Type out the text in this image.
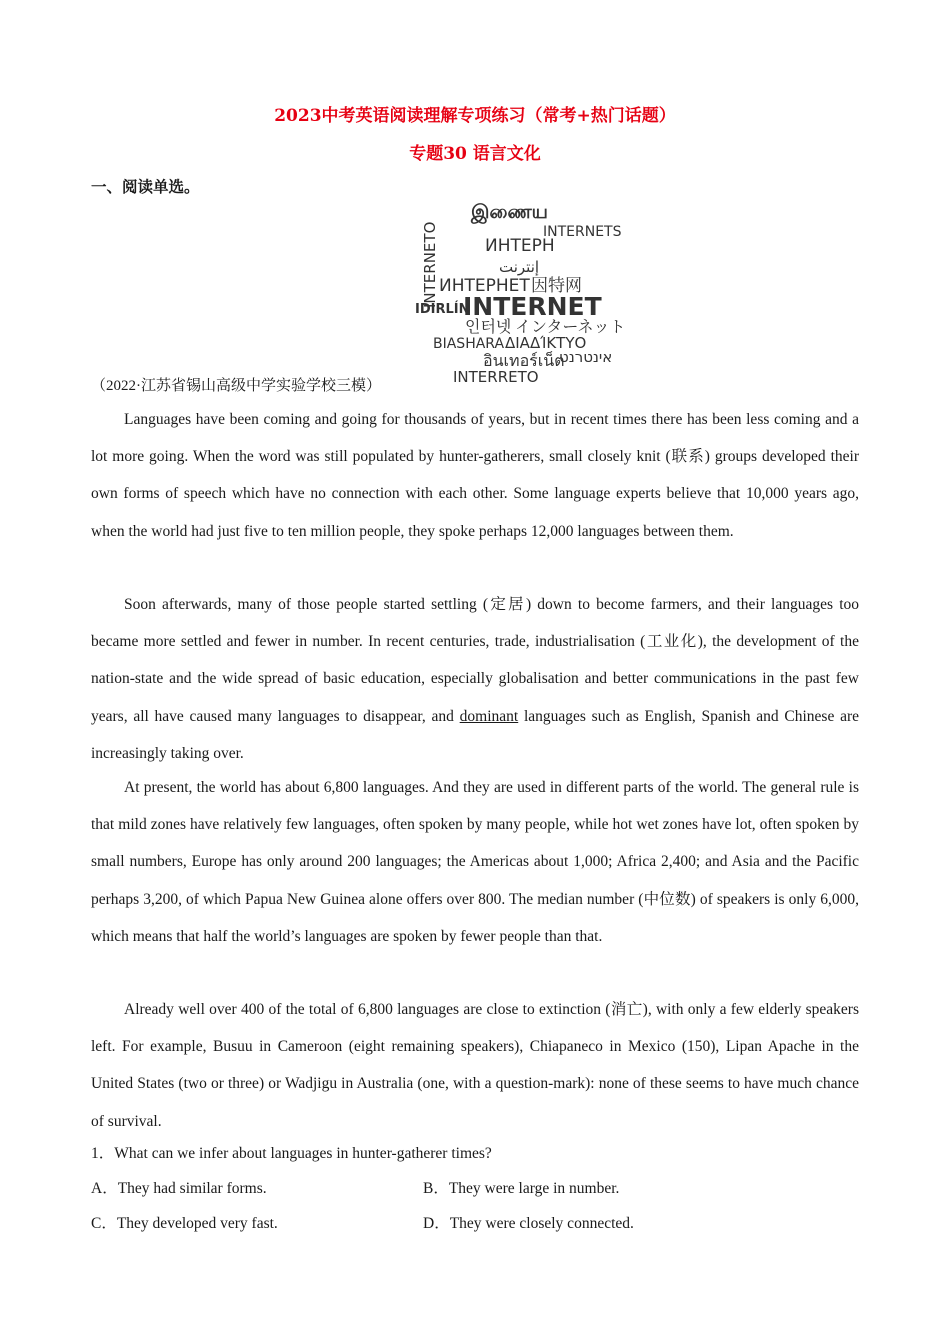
2023中考英语阅读理解专项练习（常考+热门话题）
专题30 语言文化
一、阅读单选。
இணைய
INTERNETS
ИНТЕРН
إنترنت
INTERNETO ИНТЕРНЕТ 因特网
INTERNET
IDIRLÍN
인터넷 インターネット
BIASHARA ΔΙΑΔΊΚΤΥΟ
อินเทอร์เน็ต
אינטרנט
INTERRETO
（2022·江苏省锡山高级中学实验学校三模）

Languages have been coming and going for thousands of years, but in recent times there has been less coming and a lot more going. When the word was still populated by hunter-gatherers, small closely knit (联系) groups developed their own forms of speech which have no connection with each other. Some language experts believe that 10,000 years ago, when the world had just five to ten million people, they spoke perhaps 12,000 languages between them.

Soon afterwards, many of those people started settling (定居) down to become farmers, and their languages too became more settled and fewer in number. In recent centuries, trade, industrialisation (工业化), the development of the nation-state and the wide spread of basic education, especially globalisation and better communications in the past few years, all have caused many languages to disappear, and dominant languages such as English, Spanish and Chinese are increasingly taking over.

At present, the world has about 6,800 languages. And they are used in different parts of the world. The general rule is that mild zones have relatively few languages, often spoken by many people, while hot wet zones have lot, often spoken by small numbers, Europe has only around 200 languages; the Americas about 1,000; Africa 2,400; and Asia and the Pacific perhaps 3,200, of which Papua New Guinea alone offers over 800. The median number (中位数) of speakers is only 6,000, which means that half the world’s languages are spoken by fewer people than that.

Already well over 400 of the total of 6,800 languages are close to extinction (消亡), with only a few elderly speakers left. For example, Busuu in Cameroon (eight remaining speakers), Chiapaneco in Mexico (150), Lipan Apache in the United States (two or three) or Wadjigu in Australia (one, with a question-mark): none of these seems to have much chance of survival.

1．What can we infer about languages in hunter-gatherer times?
A．They had similar forms.	B．They were large in number.
C．They developed very fast.	D．They were closely connected.
